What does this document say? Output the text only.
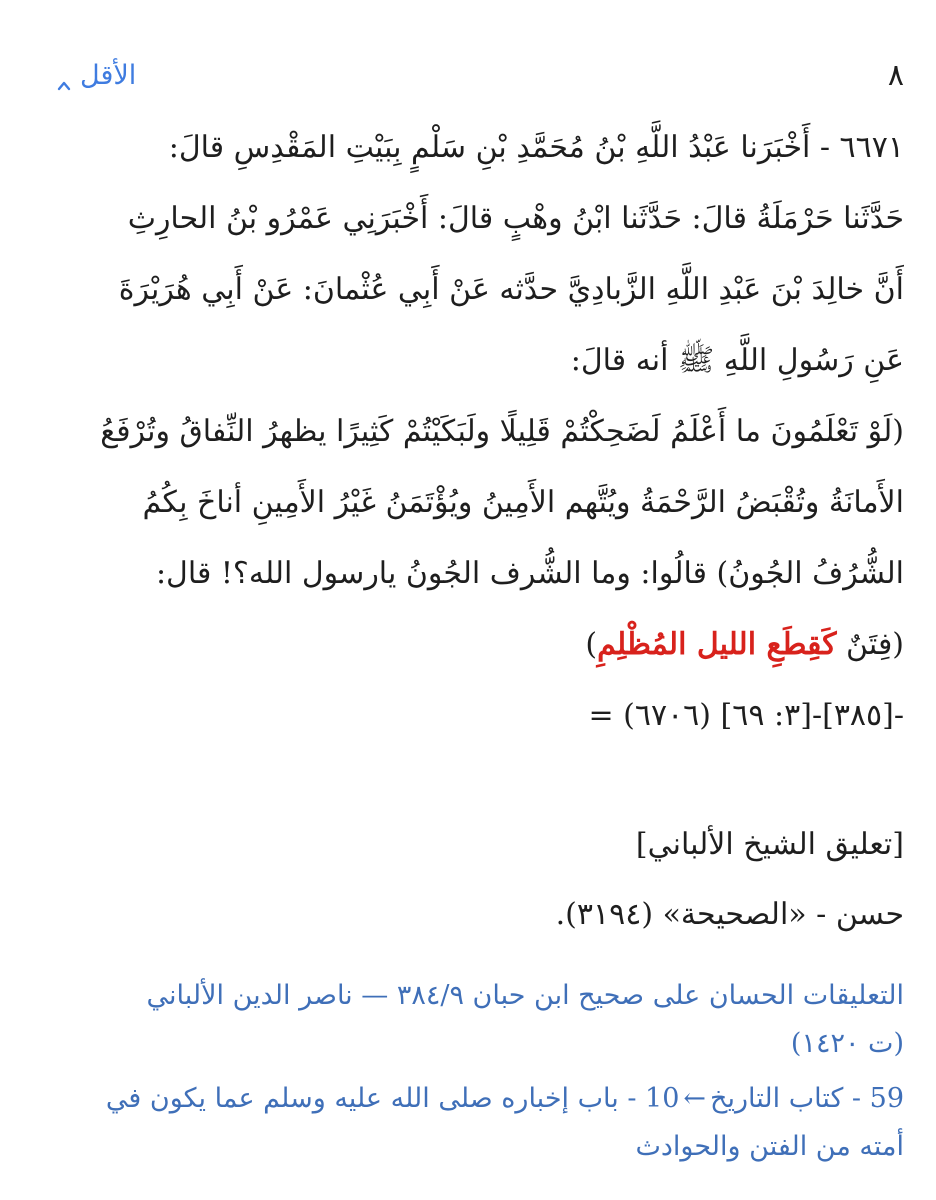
الأقل	٨
٦٦٧١ - أَخْبَرَنا عَبْدُ اللَّهِ بْنُ مُحَمَّدِ بْنِ سَلْمٍ بِبَيْتِ المَقْدِسِ قالَ:
حَدَّثَنا حَرْمَلَةُ قالَ: حَدَّثَنا ابْنُ وهْبٍ قالَ: أَخْبَرَنِي عَمْرُو بْنُ الحارِثِ
أَنَّ خالِدَ بْنَ عَبْدِ اللَّهِ الزَّبادِيَّ حدَّثه عَنْ أَبِي عُثْمانَ: عَنْ أَبِي هُرَيْرَةَ
عَنِ رَسُولِ اللَّهِ ﷺ أنه قالَ:
(لَوْ تَعْلَمُونَ ما أَعْلَمُ لَضَحِكْتُمْ قَلِيلًا ولَبَكَيْتُمْ كَثِيرًا يظهرُ النِّفاقُ وتُرْفَعُ
الأَمانَةُ وتُقْبَضُ الرَّحْمَةُ ويُتَّهم الأَمِينُ ويُؤْتَمَنُ غَيْرُ الأَمِينِ أناخَ بِكُمُ
الشُّرُفُ الجُونُ) قالُوا: وما الشُّرف الجُونُ يارسول الله؟! قال:
(فِتَنٌ كَقِطَعِ الليل المُظْلِمِ)
-[٣٨٥]-[٣: ٦٩] (٦٧٠٦) =
[تعليق الشيخ الألباني]
حسن - «الصحيحة» (٣١٩٤).
التعليقات الحسان على صحيح ابن حبان ٣٨٤/٩ — ناصر الدين الألباني
(ت ١٤٢٠)
59 - كتاب التاريخ←10 - باب إخباره صلى الله عليه وسلم عما يكون في
أمته من الفتن والحوادث
